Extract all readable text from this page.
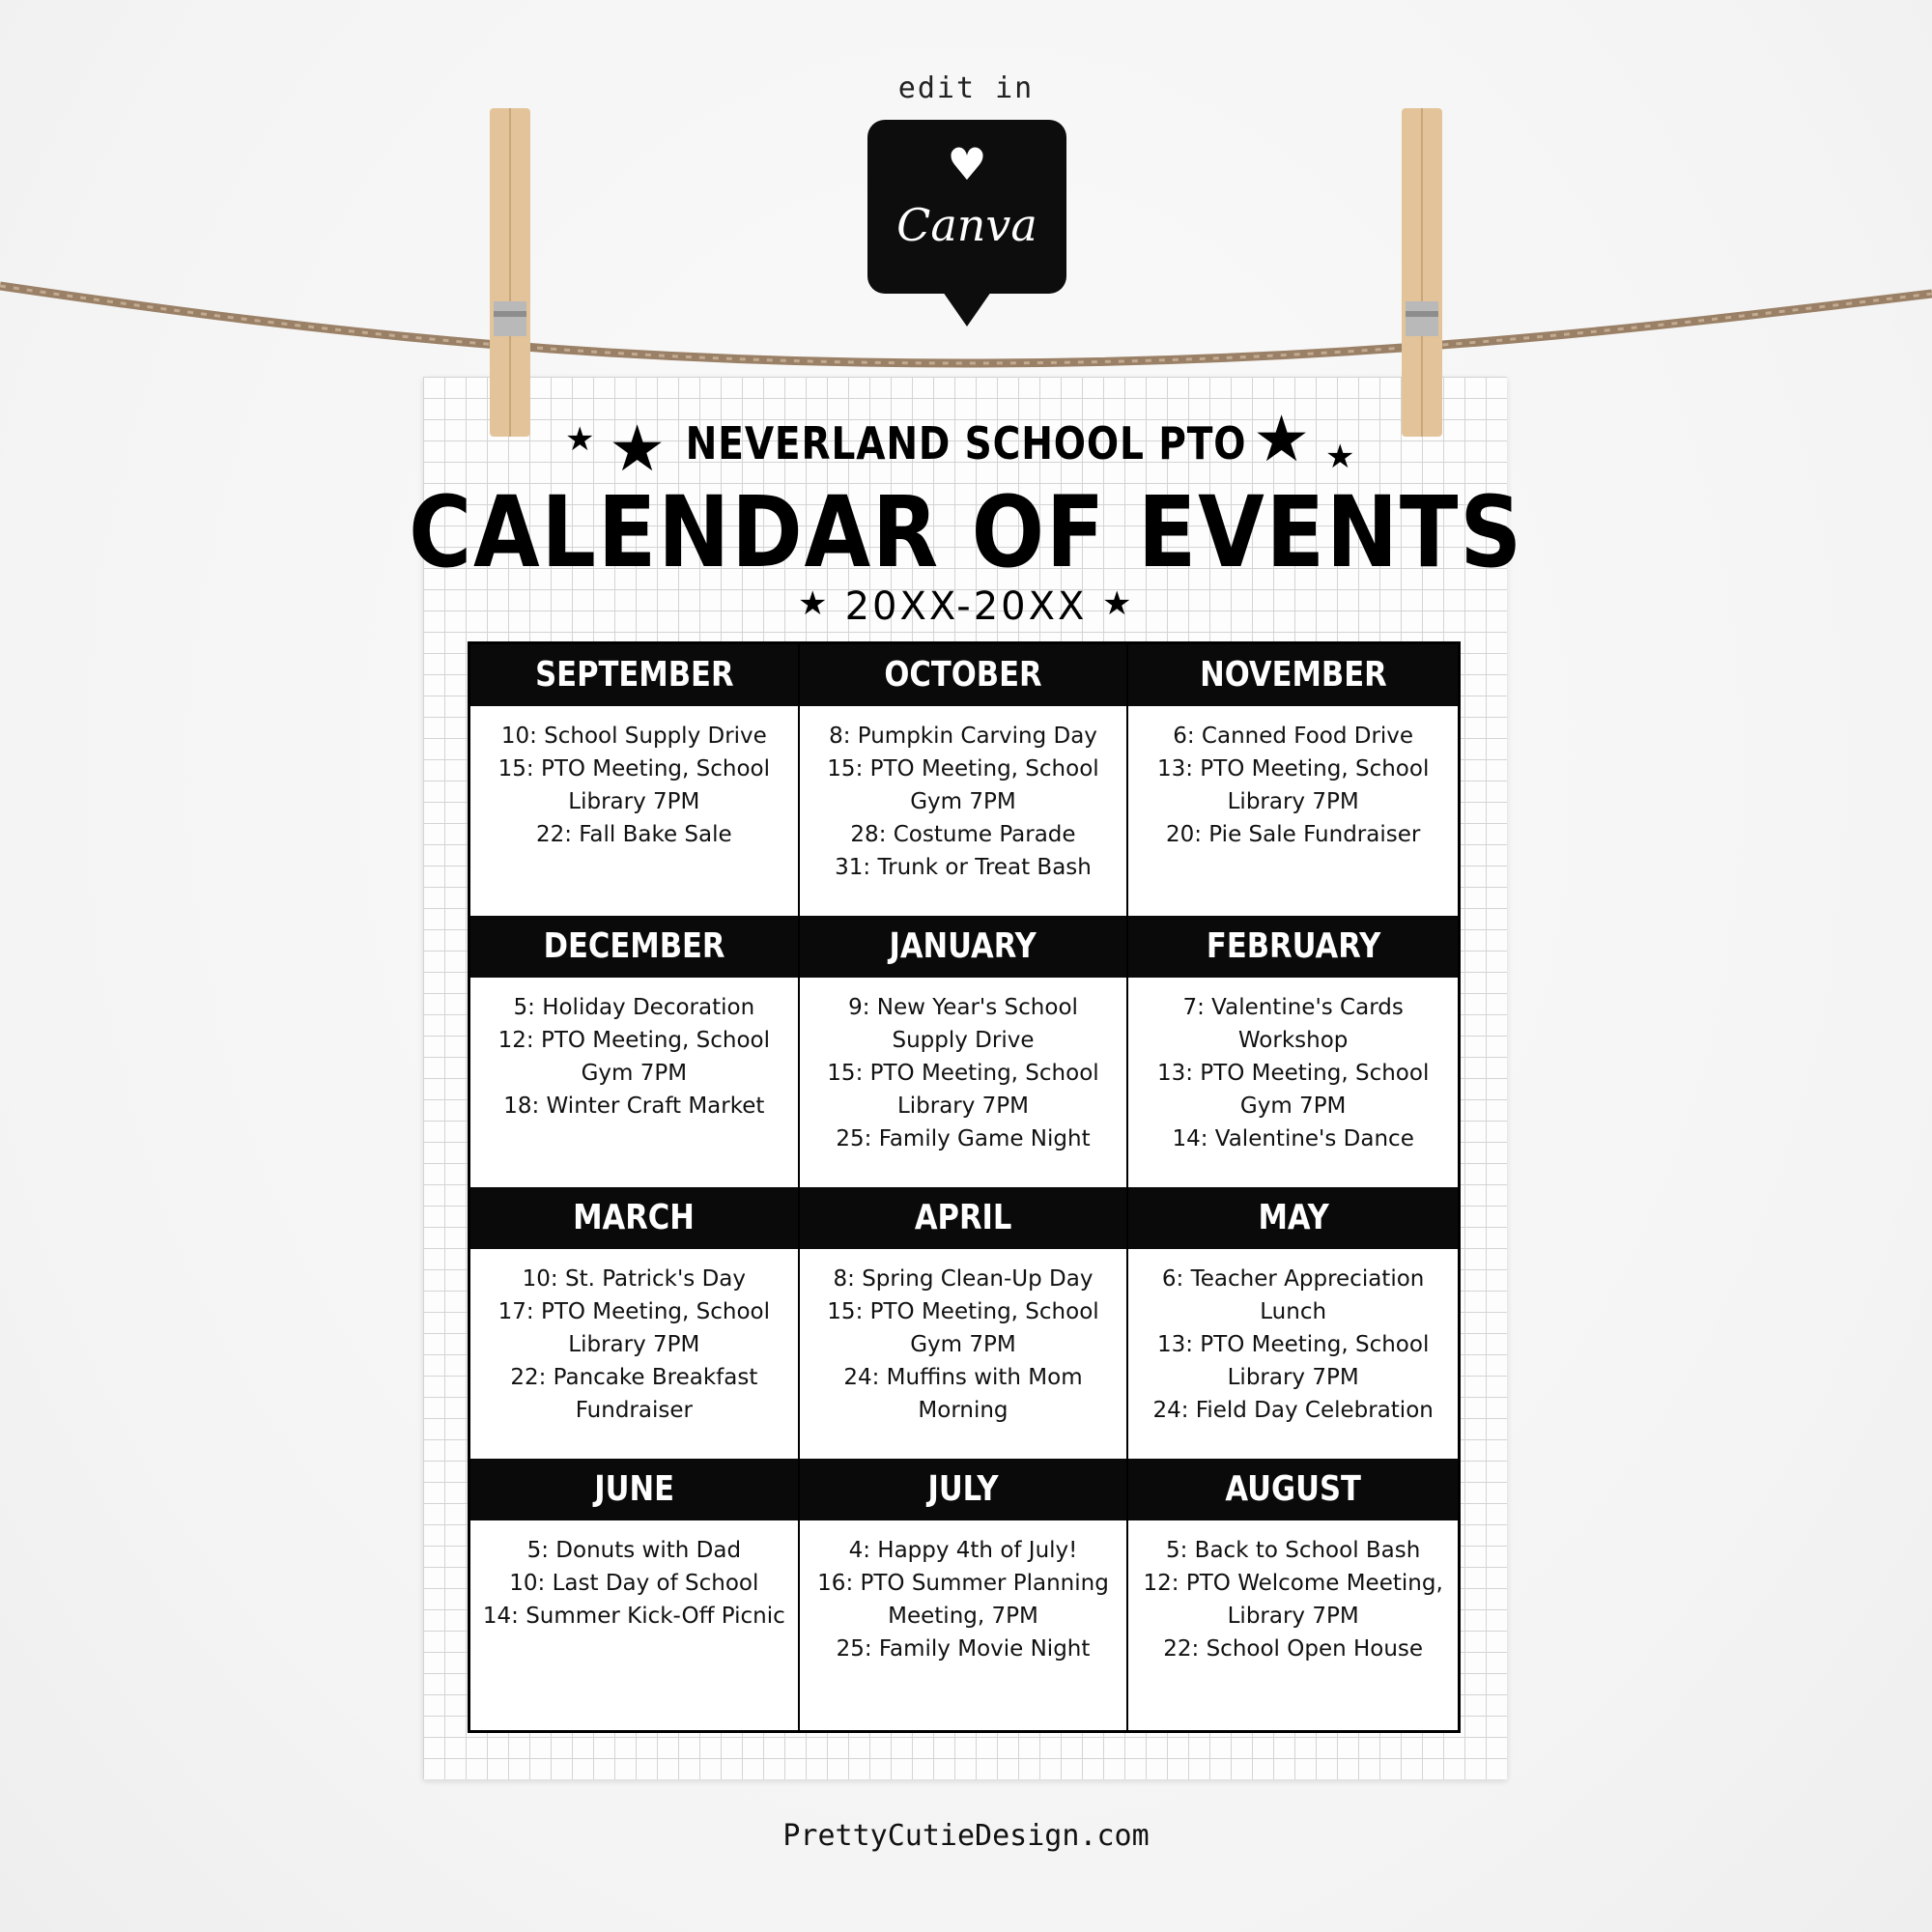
edit in
♥
Canva
★ ★	★ ★
★	★
NEVERLAND SCHOOL PTO
CALENDAR OF EVENTS
20XX-20XX
SEPTEMBER
10: School Supply Drive
15: PTO Meeting, School Library 7PM
22: Fall Bake Sale
OCTOBER
8: Pumpkin Carving Day
15: PTO Meeting, School Gym 7PM
28: Costume Parade
31: Trunk or Treat Bash
NOVEMBER
6: Canned Food Drive
13: PTO Meeting, School Library 7PM
20: Pie Sale Fundraiser
DECEMBER
5: Holiday Decoration
12: PTO Meeting, School Gym 7PM
18: Winter Craft Market
JANUARY
9: New Year's School Supply Drive
15: PTO Meeting, School Library 7PM
25: Family Game Night
FEBRUARY
7: Valentine's Cards Workshop
13: PTO Meeting, School Gym 7PM
14: Valentine's Dance
MARCH
10: St. Patrick's Day
17: PTO Meeting, School Library 7PM
22: Pancake Breakfast Fundraiser
APRIL
8: Spring Clean-Up Day
15: PTO Meeting, School Gym 7PM
24: Muffins with Mom Morning
MAY
6: Teacher Appreciation Lunch
13: PTO Meeting, School Library 7PM
24: Field Day Celebration
JUNE
5: Donuts with Dad
10: Last Day of School
14: Summer Kick-Off Picnic
JULY
4: Happy 4th of July!
16: PTO Summer Planning Meeting, 7PM
25: Family Movie Night
AUGUST
5: Back to School Bash
12: PTO Welcome Meeting, Library 7PM
22: School Open House
PrettyCutieDesign.com
